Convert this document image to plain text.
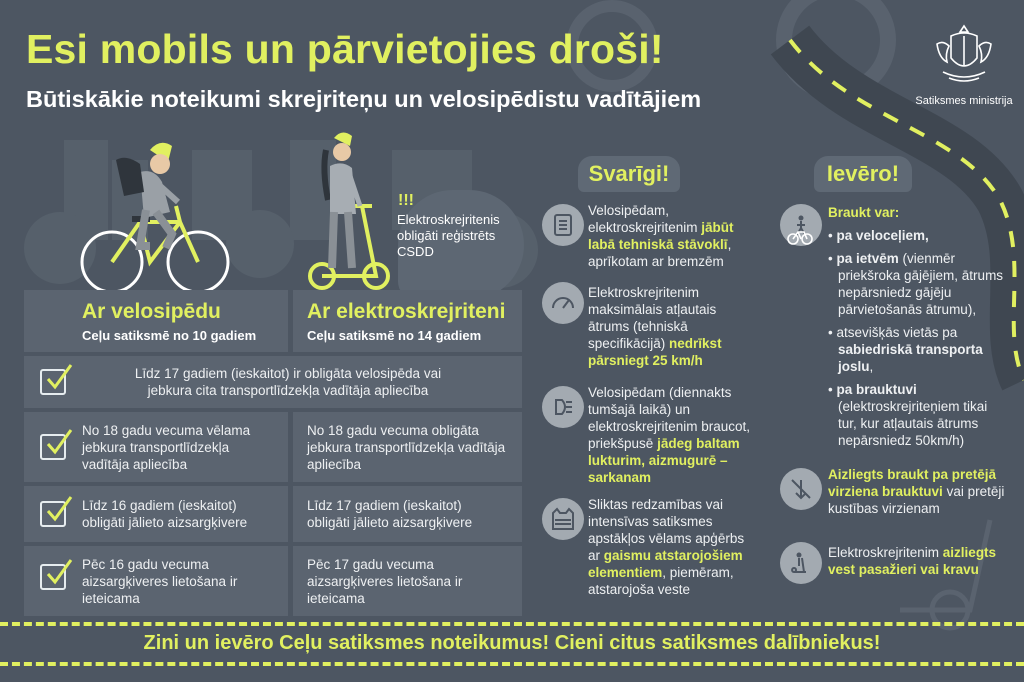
Esi mobils un pārvietojies droši!
Būtiskākie noteikumi skrejriteņu un velosipēdistu vadītājiem	Satiksmes ministrija
!!!
Elektroskrejritenis obligāti reģistrēts CSDD
Ar velosipēdu
Ceļu satiksmē no 10 gadiem
Ar elektroskrejriteni
Ceļu satiksmē no 14 gadiem
Līdz 17 gadiem (ieskaitot) ir obligāta velosipēda vai jebkura cita transportlīdzekļa vadītāja apliecība
No 18 gadu vecuma vēlama jebkura transportlīdzekļa vadītāja apliecība
No 18 gadu vecuma obligāta jebkura transportlīdzekļa vadītāja apliecība
Līdz 16 gadiem (ieskaitot) obligāti jālieto aizsargķivere
Līdz 17 gadiem (ieskaitot) obligāti jālieto aizsargķivere
Pēc 16 gadu vecuma aizsargķiveres lietošana ir ieteicama
Pēc 17 gadu vecuma aizsargķiveres lietošana ir ieteicama
Svarīgi!
Velosipēdam, elektroskrejritenim jābūt labā tehniskā stāvoklī, aprīkotam ar bremzēm
Elektroskrejritenim maksimālais atļautais ātrums (tehniskā specifikācijā) nedrīkst pārsniegt 25 km/h
Velosipēdam (diennakts tumšajā laikā) un elektroskrejritenim braucot, priekšpusē jādeg baltam lukturim, aizmugurē – sarkanam
Sliktas redzamības vai intensīvas satiksmes apstākļos vēlams apģērbs ar gaismu atstarojošiem elementiem, piemēram, atstarojoša veste
Ievēro!
Braukt var:
• pa veloceļiem,
• pa ietvēm (vienmēr priekšroka gājējiem, ātrums nepārsniedz gājēju pārvietošanās ātrumu),
• atsevišķās vietās pa sabiedriskā transporta joslu,
• pa brauktuvi (elektroskrejriteņiem tikai tur, kur atļautais ātrums nepārsniedz 50km/h)
Aizliegts braukt pa pretējā virziena brauktuvi vai pretēji kustības virzienam
Elektroskrejritenim aizliegts vest pasažieri vai kravu
Zini un ievēro Ceļu satiksmes noteikumus! Cieni citus satiksmes dalībniekus!
